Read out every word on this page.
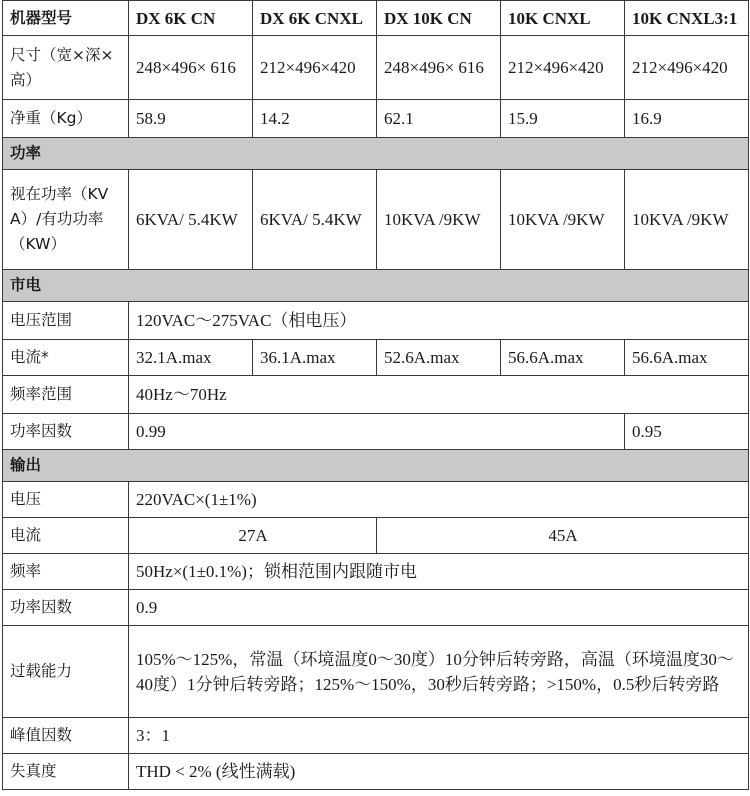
机器型号	DX 6K CN	DX 6K CNXL	DX 10K CN	10K CNXL	10K CNXL3:1
尺寸（宽×深×高）	248×496× 616	212×496×420	248×496× 616	212×496×420	212×496×420
净重（Kg）	58.9	14.2	62.1	15.9	16.9
功率					
视在功率（KVA）/有功功率（KW）	6KVA/ 5.4KW	6KVA/ 5.4KW	10KVA /9KW	10KVA /9KW	10KVA /9KW
市电					
电压范围	120VAC～275VAC（相电压）				
电流*	32.1A.max	36.1A.max	52.6A.max	56.6A.max	56.6A.max
频率范围	40Hz～70Hz				
功率因数	0.99				0.95
输出					
电压	220VAC×(1±1%)				
电流	27A		45A		
频率	50Hz×(1±0.1%)；锁相范围内跟随市电				
功率因数	0.9				
过载能力	105%～125%，常温（环境温度0～30度）10分钟后转旁路，高温（环境温度30～40度）1分钟后转旁路；125%～150%，30秒后转旁路；>150%，0.5秒后转旁路				
峰值因数	3：1				
失真度	THD < 2% (线性满载)				
